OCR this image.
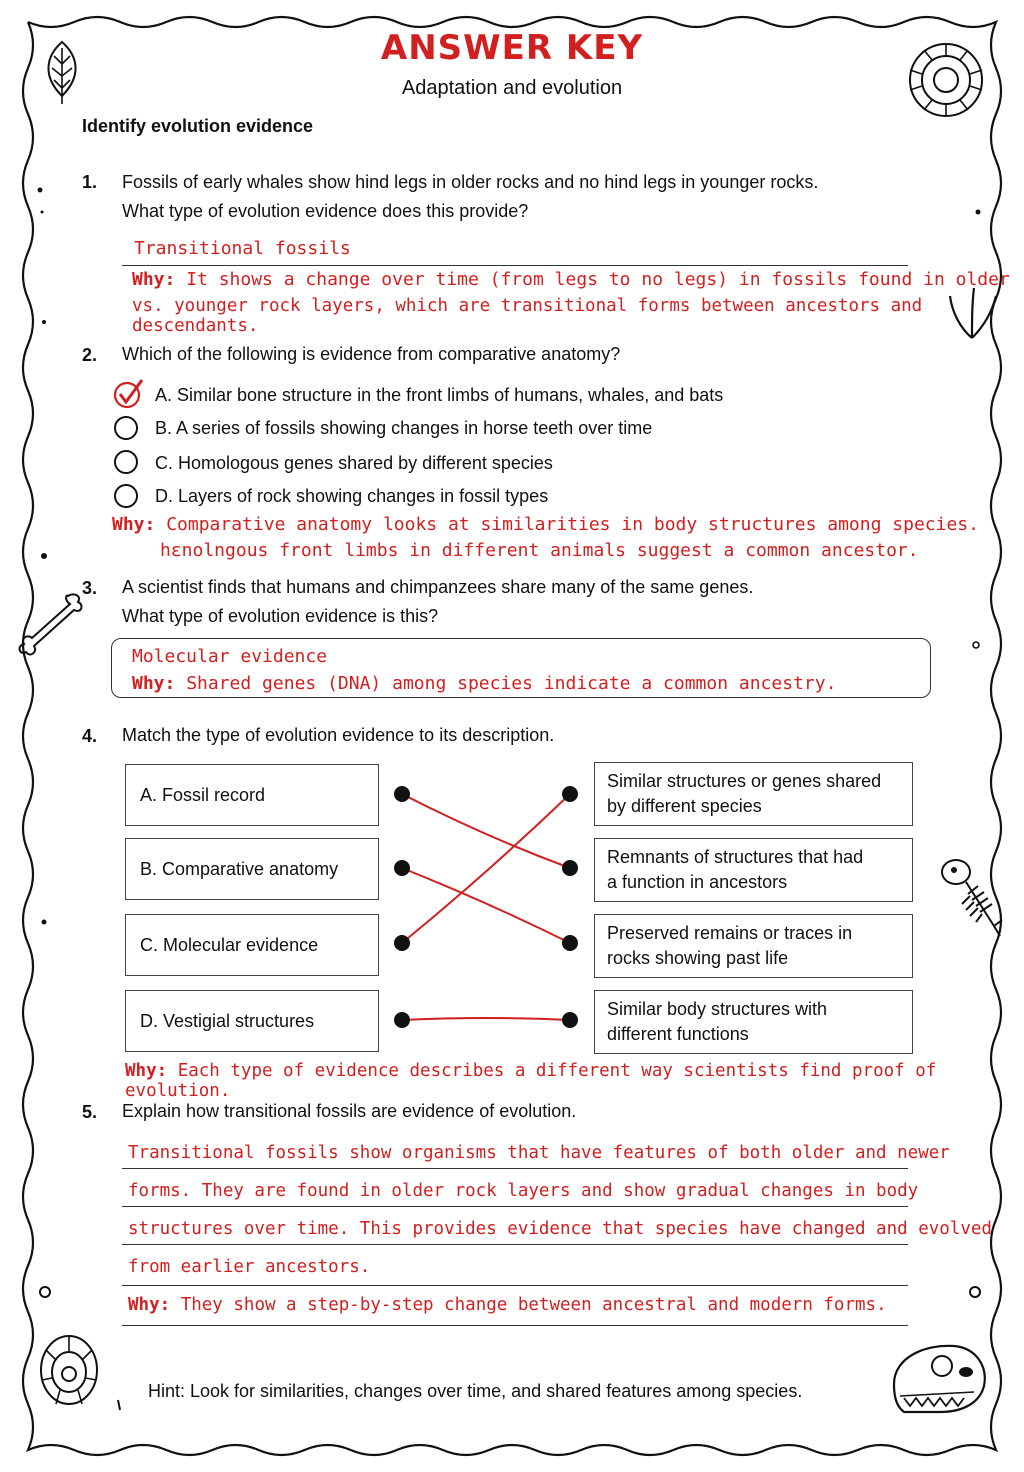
ANSWER KEY
Adaptation and evolution
Identify evolution evidence
1. Fossils of early whales show hind legs in older rocks and no hind legs in younger rocks.
What type of evolution evidence does this provide?
Transitional fossils
Why: It shows a change over time (from legs to no legs) in fossils found in older
vs. younger rock layers, which are transitional forms between ancestors and descendants.
2. Which of the following is evidence from comparative anatomy?
A. Similar bone structure in the front limbs of humans, whales, and bats
B. A series of fossils showing changes in horse teeth over time
C. Homologous genes shared by different species
D. Layers of rock showing changes in fossil types
Why: Comparative anatomy looks at similarities in body structures among species.
hɛnolngous front limbs in different animals suggest a common ancestor.
3. A scientist finds that humans and chimpanzees share many of the same genes.
What type of evolution evidence is this?
Molecular evidence
Why: Shared genes (DNA) among species indicate a common ancestry.
4. Match the type of evolution evidence to its description.
A. Fossil record
B. Comparative anatomy
C. Molecular evidence
D. Vestigial structures
Similar structures or genes shared
by different species
Remnants of structures that had
a function in ancestors
Preserved remains or traces in
rocks showing past life
Similar body structures with
different functions
Why: Each type of evidence describes a different way scientists find proof of evolution.
5. Explain how transitional fossils are evidence of evolution.
Transitional fossils show organisms that have features of both older and newer
forms. They are found in older rock layers and show gradual changes in body
structures over time. This provides evidence that species have changed and evolved
from earlier ancestors.
Why: They show a step-by-step change between ancestral and modern forms.
Hint: Look for similarities, changes over time, and shared features among species.
